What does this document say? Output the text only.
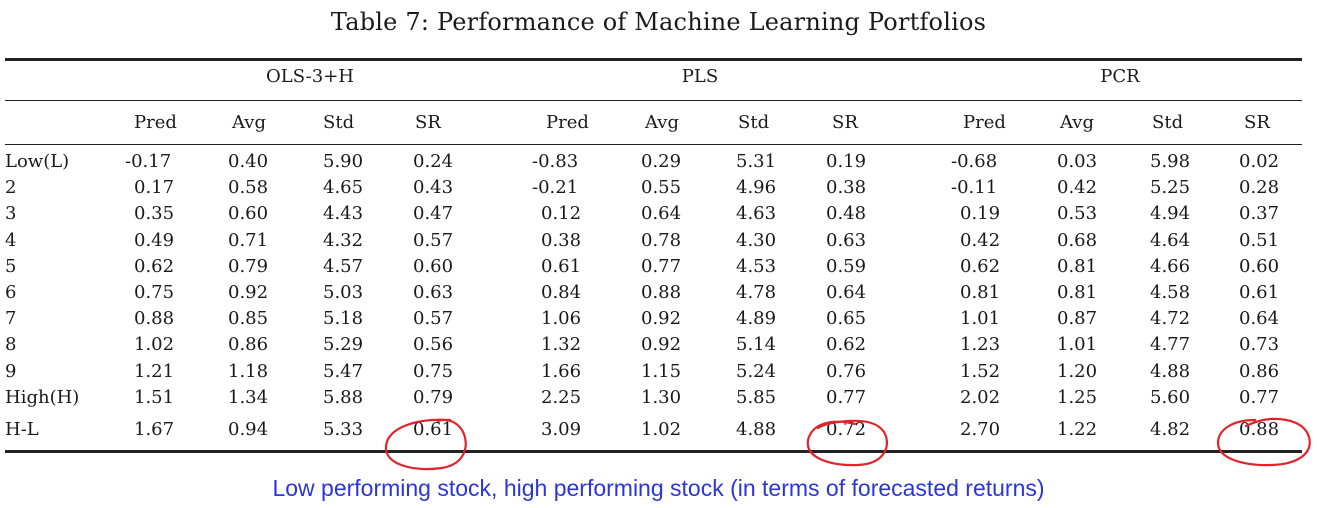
Table 7: Performance of Machine Learning Portfolios
OLS-3+H	PLS	PCR
Pred	Avg	Std	SR	Pred	Avg	Std	SR	Pred	Avg	Std	SR
Low(L)	-0.17	0.40	5.90	0.24	-0.83	0.29	5.31	0.19	-0.68	0.03	5.98	0.02
2	0.17	0.58	4.65	0.43	-0.21	0.55	4.96	0.38	-0.11	0.42	5.25	0.28
3	0.35	0.60	4.43	0.47	0.12	0.64	4.63	0.48	0.19	0.53	4.94	0.37
4	0.49	0.71	4.32	0.57	0.38	0.78	4.30	0.63	0.42	0.68	4.64	0.51
5	0.62	0.79	4.57	0.60	0.61	0.77	4.53	0.59	0.62	0.81	4.66	0.60
6	0.75	0.92	5.03	0.63	0.84	0.88	4.78	0.64	0.81	0.81	4.58	0.61
7	0.88	0.85	5.18	0.57	1.06	0.92	4.89	0.65	1.01	0.87	4.72	0.64
8	1.02	0.86	5.29	0.56	1.32	0.92	5.14	0.62	1.23	1.01	4.77	0.73
9	1.21	1.18	5.47	0.75	1.66	1.15	5.24	0.76	1.52	1.20	4.88	0.86
High(H)	1.51	1.34	5.88	0.79	2.25	1.30	5.85	0.77	2.02	1.25	5.60	0.77
H-L	1.67	0.94	5.33	0.61	3.09	1.02	4.88	0.72	2.70	1.22	4.82	0.88
Low performing stock, high performing stock (in terms of forecasted returns)
